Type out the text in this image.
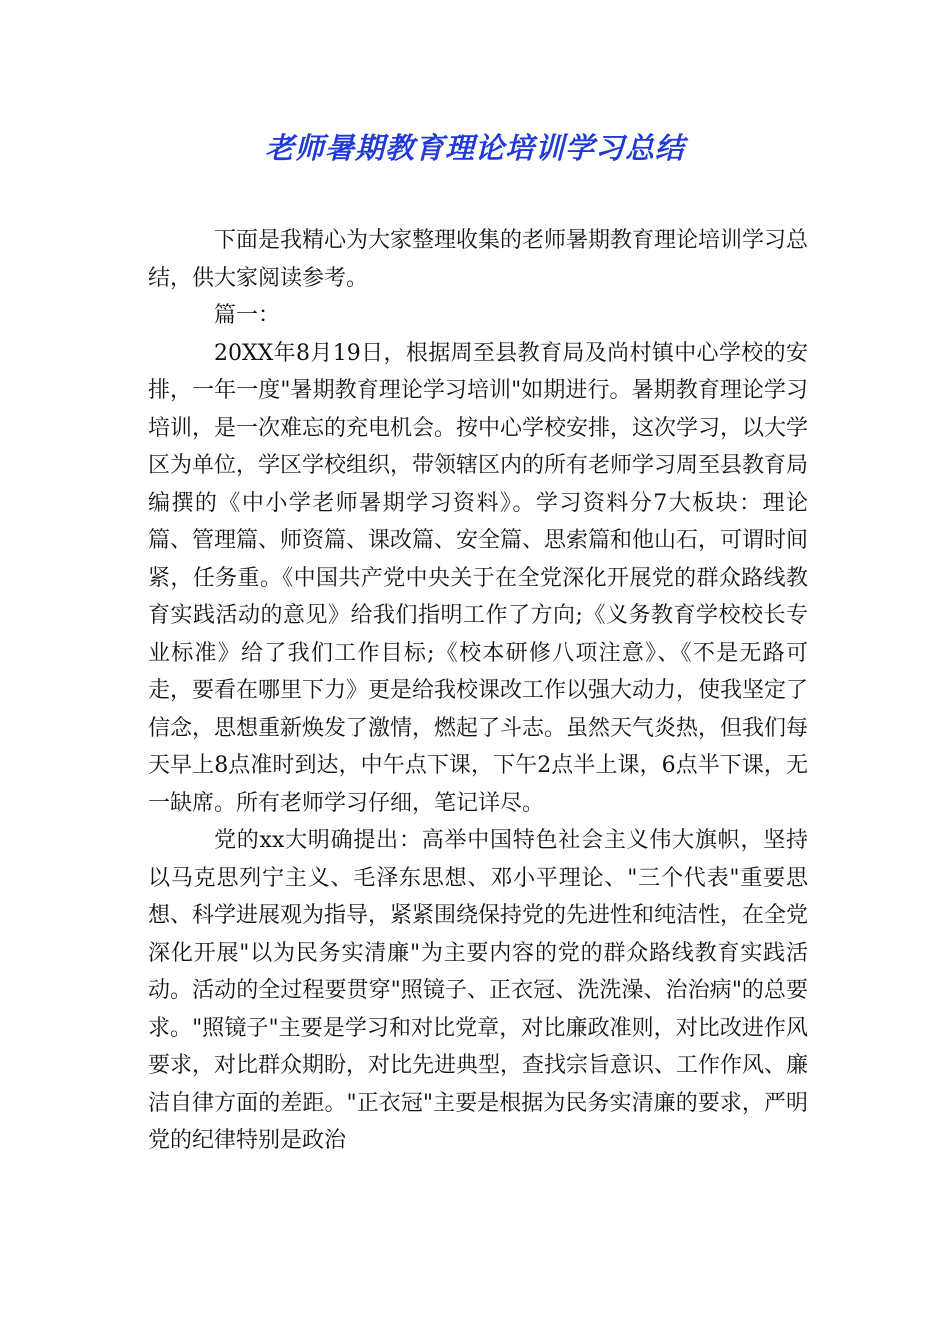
老师暑期教育理论培训学习总结

下面是我精心为大家整理收集的老师暑期教育理论培训学习总结，供大家阅读参考。

篇一：

20XX年8月19日，根据周至县教育局及尚村镇中心学校的安排，一年一度"暑期教育理论学习培训"如期进行。暑期教育理论学习培训，是一次难忘的充电机会。按中心学校安排，这次学习，以大学区为单位，学区学校组织，带领辖区内的所有老师学习周至县教育局编撰的《中小学老师暑期学习资料》。学习资料分7大板块：理论篇、管理篇、师资篇、课改篇、安全篇、思索篇和他山石，可谓时间紧，任务重。《中国共产党中央关于在全党深化开展党的群众路线教育实践活动的意见》给我们指明工作了方向;《义务教育学校校长专业标准》给了我们工作目标;《校本研修八项注意》、《不是无路可走，要看在哪里下力》更是给我校课改工作以强大动力，使我坚定了信念，思想重新焕发了激情，燃起了斗志。虽然天气炎热，但我们每天早上8点准时到达，中午点下课，下午2点半上课，6点半下课，无一缺席。所有老师学习仔细，笔记详尽。

党的xx大明确提出：高举中国特色社会主义伟大旗帜，坚持以马克思列宁主义、毛泽东思想、邓小平理论、"三个代表"重要思想、科学进展观为指导，紧紧围绕保持党的先进性和纯洁性，在全党深化开展"以为民务实清廉"为主要内容的党的群众路线教育实践活动。活动的全过程要贯穿"照镜子、正衣冠、洗洗澡、治治病"的总要求。"照镜子"主要是学习和对比党章，对比廉政准则，对比改进作风要求，对比群众期盼，对比先进典型，查找宗旨意识、工作作风、廉洁自律方面的差距。"正衣冠"主要是根据为民务实清廉的要求，严明党的纪律特别是政治
